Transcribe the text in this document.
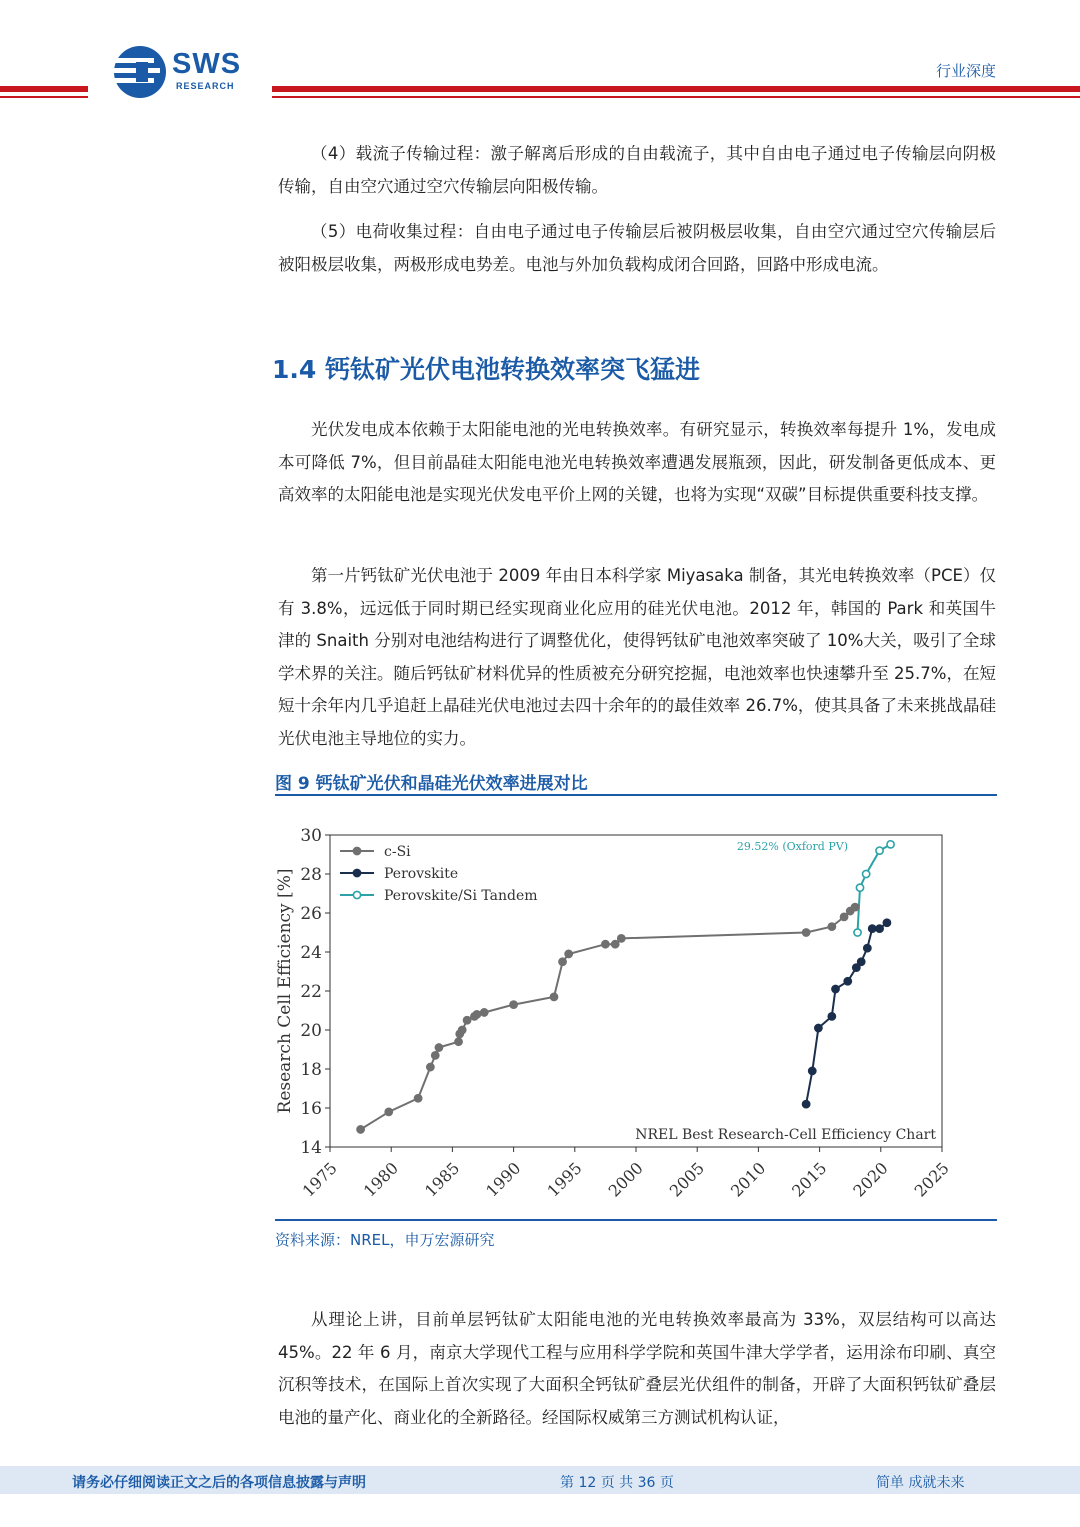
SWS
RESEARCH
行业深度
（4）载流子传输过程：激子解离后形成的自由载流子，其中自由电子通过电子传输层向阴极传输，自由空穴通过空穴传输层向阳极传输。
（5）电荷收集过程：自由电子通过电子传输层后被阴极层收集，自由空穴通过空穴传输层后被阳极层收集，两极形成电势差。电池与外加负载构成闭合回路，回路中形成电流。
1.4 钙钛矿光伏电池转换效率突飞猛进
光伏发电成本依赖于太阳能电池的光电转换效率。有研究显示，转换效率每提升 1%，发电成本可降低 7%，但目前晶硅太阳能电池光电转换效率遭遇发展瓶颈，因此，研发制备更低成本、更高效率的太阳能电池是实现光伏发电平价上网的关键，也将为实现“双碳”目标提供重要科技支撑。
第一片钙钛矿光伏电池于 2009 年由日本科学家 Miyasaka 制备，其光电转换效率（PCE）仅有 3.8%，远远低于同时期已经实现商业化应用的硅光伏电池。2012 年，韩国的 Park 和英国牛津的 Snaith 分别对电池结构进行了调整优化，使得钙钛矿电池效率突破了 10%大关，吸引了全球学术界的关注。随后钙钛矿材料优异的性质被充分研究挖掘，电池效率也快速攀升至 25.7%，在短短十余年内几乎追赶上晶硅光伏电池过去四十余年的的最佳效率 26.7%，使其具备了未来挑战晶硅光伏电池主导地位的实力。
图 9 钙钛矿光伏和晶硅光伏效率进展对比
14
16
18
20
22
24
26
28
30
1975 1980 1985 1990 1995 2000 2005 2010 2015 2020 2025
Research Cell Efficiency [%]
NREL Best Research-Cell Efficiency Chart
29.52% (Oxford PV)
c-Si
Perovskite
Perovskite/Si Tandem
资料来源：NREL，申万宏源研究
从理论上讲，目前单层钙钛矿太阳能电池的光电转换效率最高为 33%，双层结构可以高达 45%。22 年 6 月，南京大学现代工程与应用科学学院和英国牛津大学学者，运用涂布印刷、真空沉积等技术，在国际上首次实现了大面积全钙钛矿叠层光伏组件的制备，开辟了大面积钙钛矿叠层电池的量产化、商业化的全新路径。经国际权威第三方测试机构认证，
请务必仔细阅读正文之后的各项信息披露与声明	第 12 页 共 36 页	简单 成就未来
